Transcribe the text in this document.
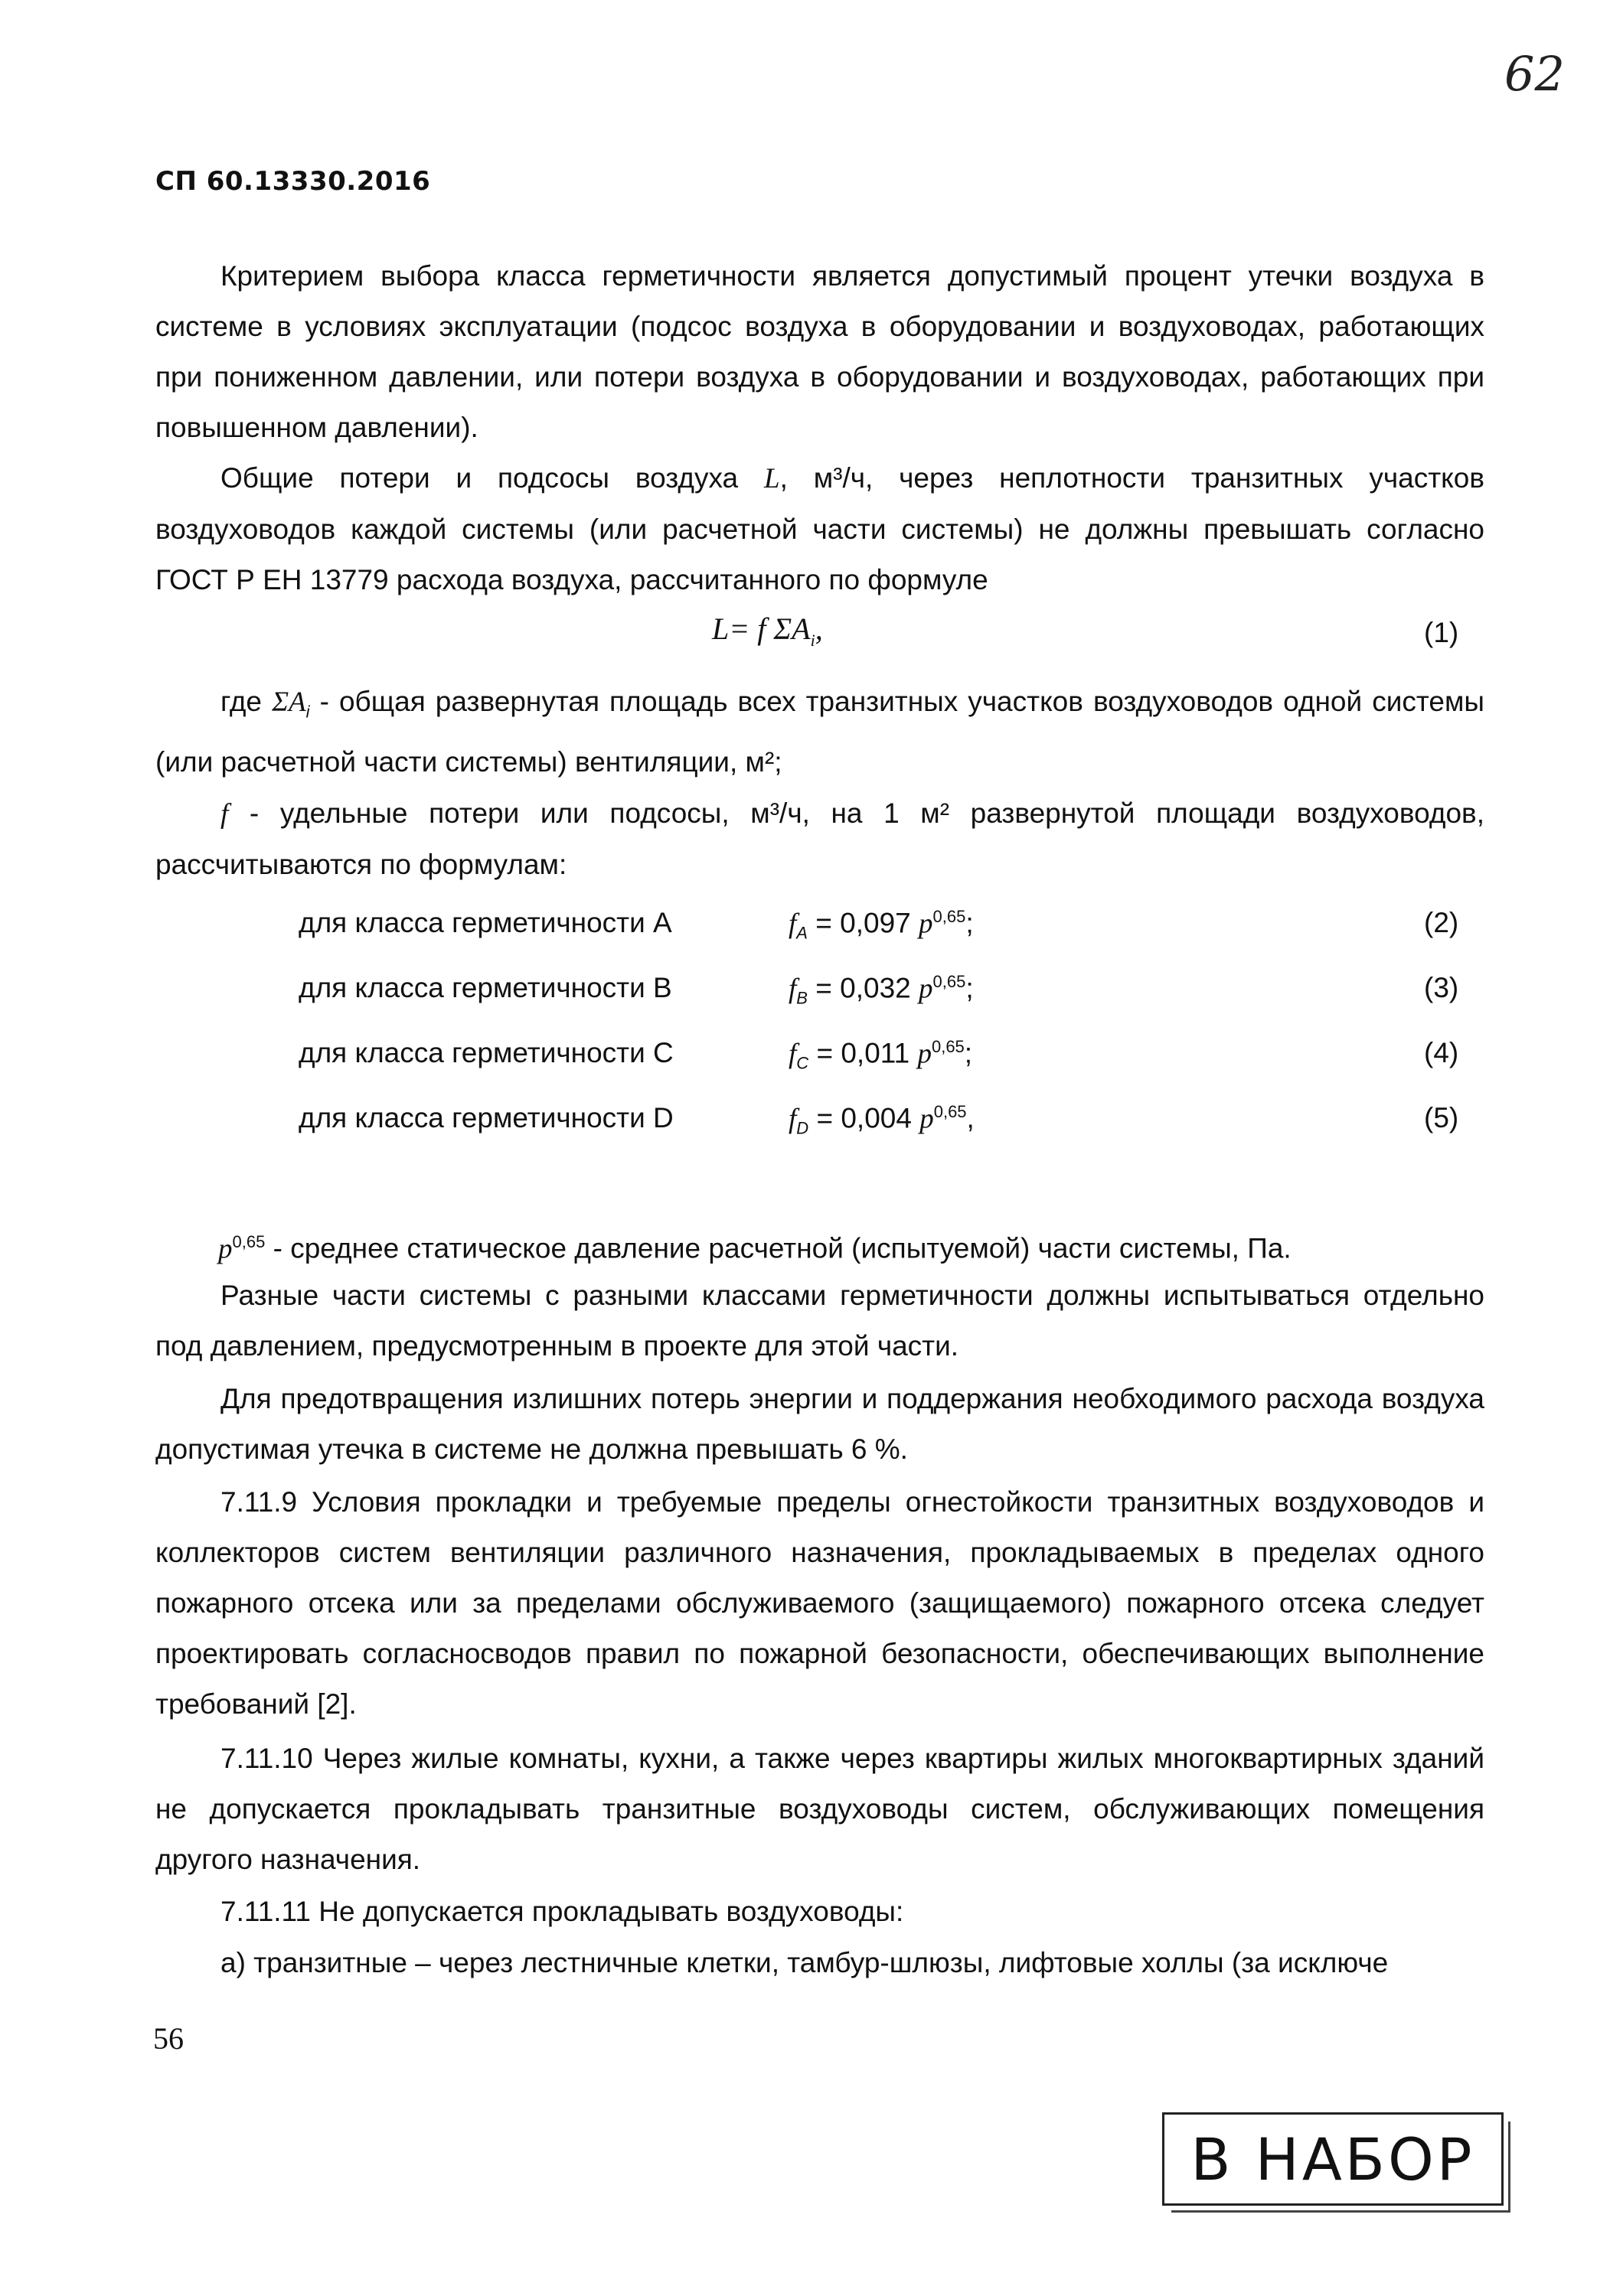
62
СП 60.13330.2016
Критерием выбора класса герметичности является допустимый процент утечки воздуха в системе в условиях эксплуатации (подсос воздуха в оборудовании и воздуховодах, работающих при пониженном давлении, или потери воздуха в оборудовании и воздуховодах, работающих при повышенном давлении).
Общие потери и подсосы воздуха L, м³/ч, через неплотности транзитных участков воздуховодов каждой системы (или расчетной части системы) не должны превышать согласно ГОСТ Р ЕН 13779 расхода воздуха, рассчитанного по формуле
L= f $\Sigma A_i$,	(1)
где $\Sigma A_i$ - общая развернутая площадь всех транзитных участков воздуховодов одной системы (или расчетной части системы) вентиляции, м²;
f - удельные потери или подсосы, м³/ч, на 1 м² развернутой площади воздуховодов, рассчитываются по формулам:
для класса герметичности А	$f_A = 0,097$ $p^{0,65}$;	(2)
для класса герметичности В	$f_B = 0,032$ $p^{0,65}$;	(3)
для класса герметичности С	$f_C = 0,011$ $p^{0,65}$;	(4)
для класса герметичности D	$f_D = 0,004$ $p^{0,65}$,	(5)
$p^{0,65}$ - среднее статическое давление расчетной (испытуемой) части системы, Па.
Разные части системы с разными классами герметичности должны испытываться отдельно под давлением, предусмотренным в проекте для этой части.
Для предотвращения излишних потерь энергии и поддержания необходимого расхода воздуха допустимая утечка в системе не должна превышать 6 %.
7.11.9 Условия прокладки и требуемые пределы огнестойкости транзитных воздуховодов и коллекторов систем вентиляции различного назначения, прокладываемых в пределах одного пожарного отсека или за пределами обслуживаемого (защищаемого) пожарного отсека следует проектировать согласносводов правил по пожарной безопасности, обеспечивающих выполнение требований [2].
7.11.10 Через жилые комнаты, кухни, а также через квартиры жилых многоквартирных зданий не допускается прокладывать транзитные воздуховоды систем, обслуживающих помещения другого назначения.
7.11.11 Не допускается прокладывать воздуховоды:
а) транзитные – через лестничные клетки, тамбур-шлюзы, лифтовые холлы (за исключе
56
В НАБОР
